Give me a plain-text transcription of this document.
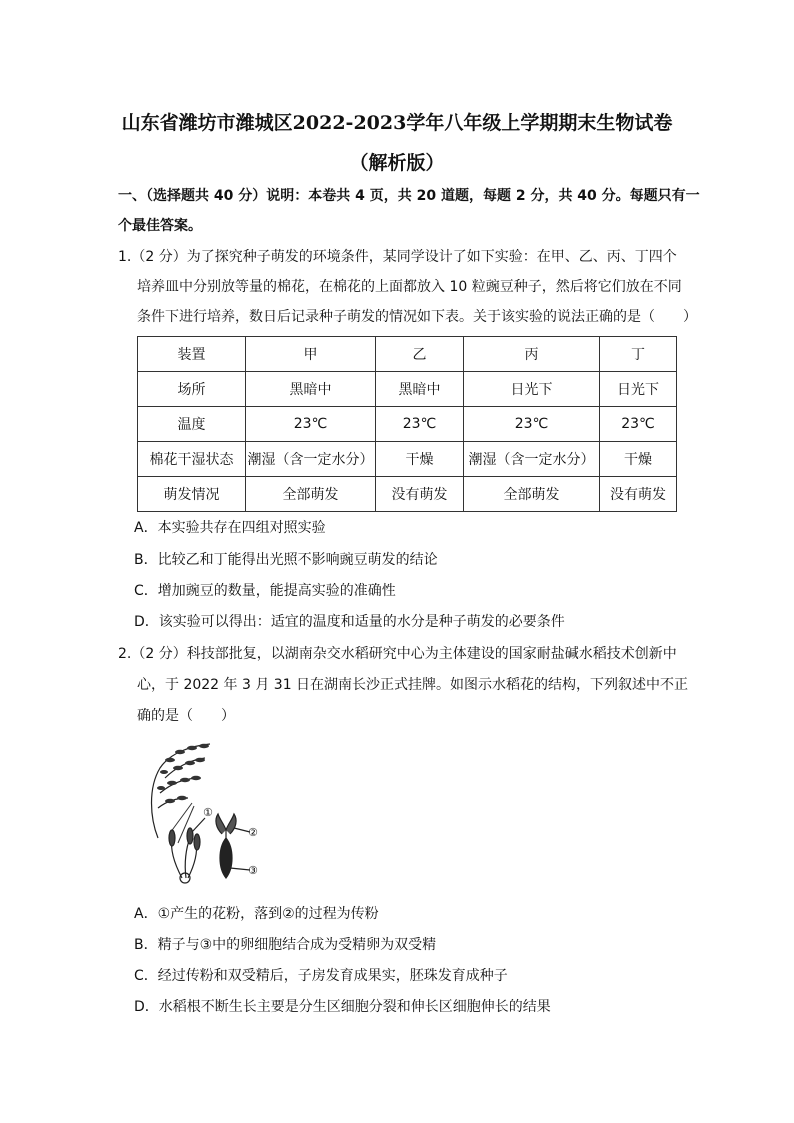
山东省潍坊市潍城区2022-2023学年八年级上学期期末生物试卷
（解析版）
一、（选择题共 40 分）说明：本卷共 4 页，共 20 道题，每题 2 分，共 40 分。每题只有一
个最佳答案。
1.（2 分）为了探究种子萌发的环境条件，某同学设计了如下实验：在甲、乙、丙、丁四个
培养皿中分别放等量的棉花，在棉花的上面都放入 10 粒豌豆种子，然后将它们放在不同
条件下进行培养，数日后记录种子萌发的情况如下表。关于该实验的说法正确的是（　　）
装置	甲	乙	丙	丁
场所	黑暗中	黑暗中	日光下	日光下
温度	23℃	23℃	23℃	23℃
棉花干湿状态	潮湿（含一定水分）	干燥	潮湿（含一定水分）	干燥
萌发情况	全部萌发	没有萌发	全部萌发	没有萌发
A．本实验共存在四组对照实验
B．比较乙和丁能得出光照不影响豌豆萌发的结论
C．增加豌豆的数量，能提高实验的准确性
D．该实验可以得出：适宜的温度和适量的水分是种子萌发的必要条件
2.（2 分）科技部批复，以湖南杂交水稻研究中心为主体建设的国家耐盐碱水稻技术创新中
心，于 2022 年 3 月 31 日在湖南长沙正式挂牌。如图示水稻花的结构，下列叙述中不正
确的是（　　）
①
②
③
A．①产生的花粉，落到②的过程为传粉
B．精子与③中的卵细胞结合成为受精卵为双受精
C．经过传粉和双受精后，子房发育成果实，胚珠发育成种子
D．水稻根不断生长主要是分生区细胞分裂和伸长区细胞伸长的结果
